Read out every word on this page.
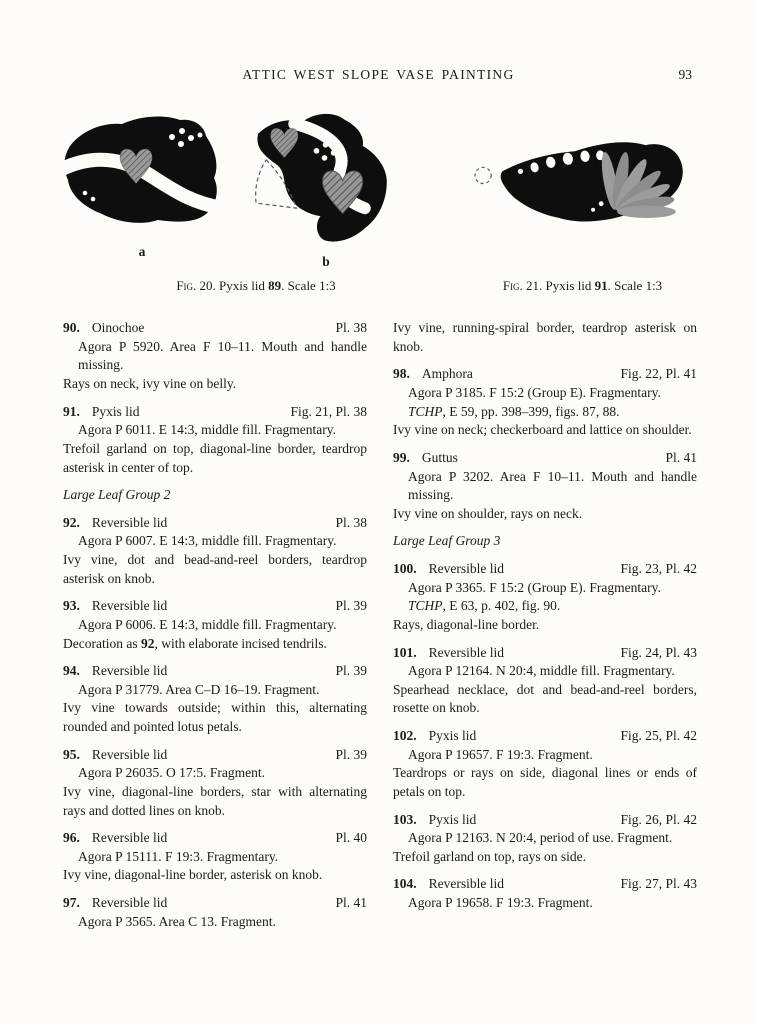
ATTIC WEST SLOPE VASE PAINTING	93
a
b
Fig. 20. Pyxis lid 89. Scale 1:3	Fig. 21. Pyxis lid 91. Scale 1:3
90. Oinochoe	Pl. 38
Agora P 5920. Area F 10–11. Mouth and handle missing.
Rays on neck, ivy vine on belly.
91. Pyxis lid	Fig. 21, Pl. 38
Agora P 6011. E 14:3, middle fill. Fragmentary.
Trefoil garland on top, diagonal-line border, teardrop asterisk in center of top.
Large Leaf Group 2
92. Reversible lid	Pl. 38
Agora P 6007. E 14:3, middle fill. Fragmentary.
Ivy vine, dot and bead-and-reel borders, teardrop asterisk on knob.
93. Reversible lid	Pl. 39
Agora P 6006. E 14:3, middle fill. Fragmentary.
Decoration as 92, with elaborate incised tendrils.
94. Reversible lid	Pl. 39
Agora P 31779. Area C–D 16–19. Fragment.
Ivy vine towards outside; within this, alternating rounded and pointed lotus petals.
95. Reversible lid	Pl. 39
Agora P 26035. O 17:5. Fragment.
Ivy vine, diagonal-line borders, star with alternating rays and dotted lines on knob.
96. Reversible lid	Pl. 40
Agora P 15111. F 19:3. Fragmentary.
Ivy vine, diagonal-line border, asterisk on knob.
97. Reversible lid	Pl. 41
Agora P 3565. Area C 13. Fragment.
Ivy vine, running-spiral border, teardrop asterisk on knob.
98. Amphora	Fig. 22, Pl. 41
Agora P 3185. F 15:2 (Group E). Fragmentary.
TCHP, E 59, pp. 398–399, figs. 87, 88.
Ivy vine on neck; checkerboard and lattice on shoulder.
99. Guttus	Pl. 41
Agora P 3202. Area F 10–11. Mouth and handle missing.
Ivy vine on shoulder, rays on neck.
Large Leaf Group 3
100. Reversible lid	Fig. 23, Pl. 42
Agora P 3365. F 15:2 (Group E). Fragmentary.
TCHP, E 63, p. 402, fig. 90.
Rays, diagonal-line border.
101. Reversible lid	Fig. 24, Pl. 43
Agora P 12164. N 20:4, middle fill. Fragmentary.
Spearhead necklace, dot and bead-and-reel borders, rosette on knob.
102. Pyxis lid	Fig. 25, Pl. 42
Agora P 19657. F 19:3. Fragment.
Teardrops or rays on side, diagonal lines or ends of petals on top.
103. Pyxis lid	Fig. 26, Pl. 42
Agora P 12163. N 20:4, period of use. Fragment.
Trefoil garland on top, rays on side.
104. Reversible lid	Fig. 27, Pl. 43
Agora P 19658. F 19:3. Fragment.
